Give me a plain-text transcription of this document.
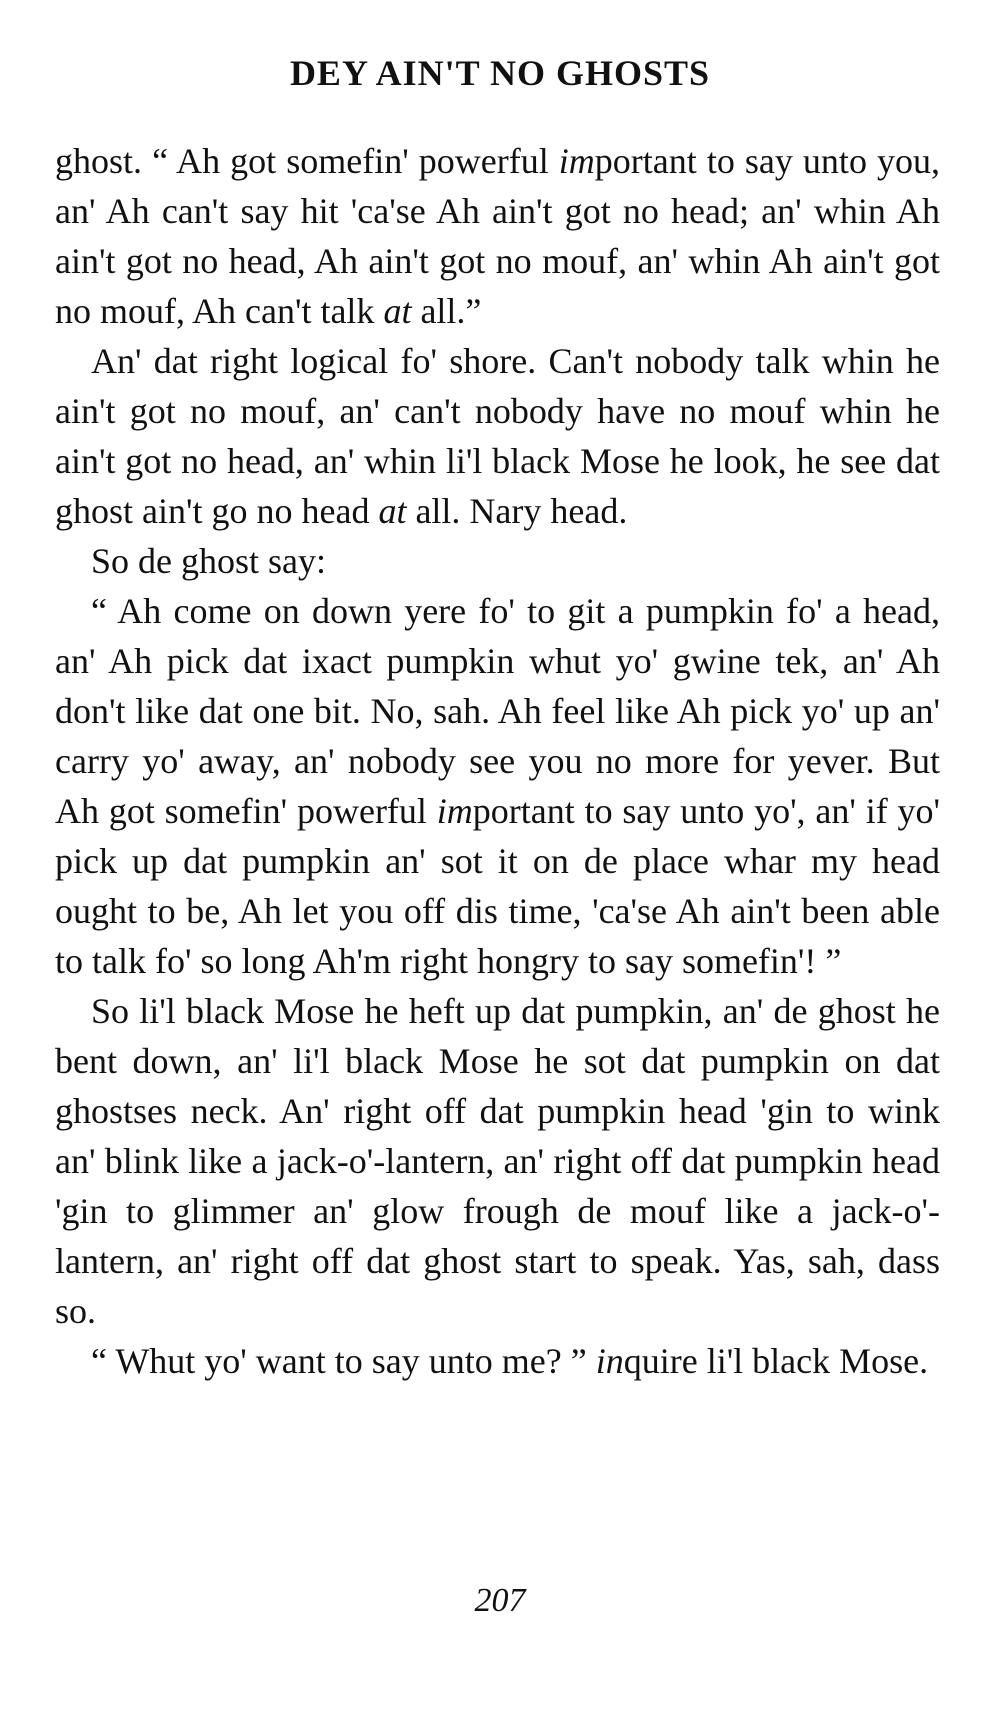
DEY AIN'T NO GHOSTS

ghost. “ Ah got somefin' powerful important to say unto you, an' Ah can't say hit 'ca'se Ah ain't got no head; an' whin Ah ain't got no head, Ah ain't got no mouf, an' whin Ah ain't got no mouf, Ah can't talk at all.”

An' dat right logical fo' shore. Can't nobody talk whin he ain't got no mouf, an' can't nobody have no mouf whin he ain't got no head, an' whin li'l black Mose he look, he see dat ghost ain't go no head at all. Nary head.

So de ghost say:

“ Ah come on down yere fo' to git a pumpkin fo' a head, an' Ah pick dat ixact pumpkin whut yo' gwine tek, an' Ah don't like dat one bit. No, sah. Ah feel like Ah pick yo' up an' carry yo' away, an' nobody see you no more for yever. But Ah got somefin' powerful important to say unto yo', an' if yo' pick up dat pumpkin an' sot it on de place whar my head ought to be, Ah let you off dis time, 'ca'se Ah ain't been able to talk fo' so long Ah'm right hongry to say somefin'! ”

So li'l black Mose he heft up dat pumpkin, an' de ghost he bent down, an' li'l black Mose he sot dat pumpkin on dat ghostses neck. An' right off dat pumpkin head 'gin to wink an' blink like a jack-o'-lantern, an' right off dat pumpkin head 'gin to glimmer an' glow frough de mouf like a jack-o'-lantern, an' right off dat ghost start to speak. Yas, sah, dass so.

“ Whut yo' want to say unto me? ” inquire li'l black Mose.

207
